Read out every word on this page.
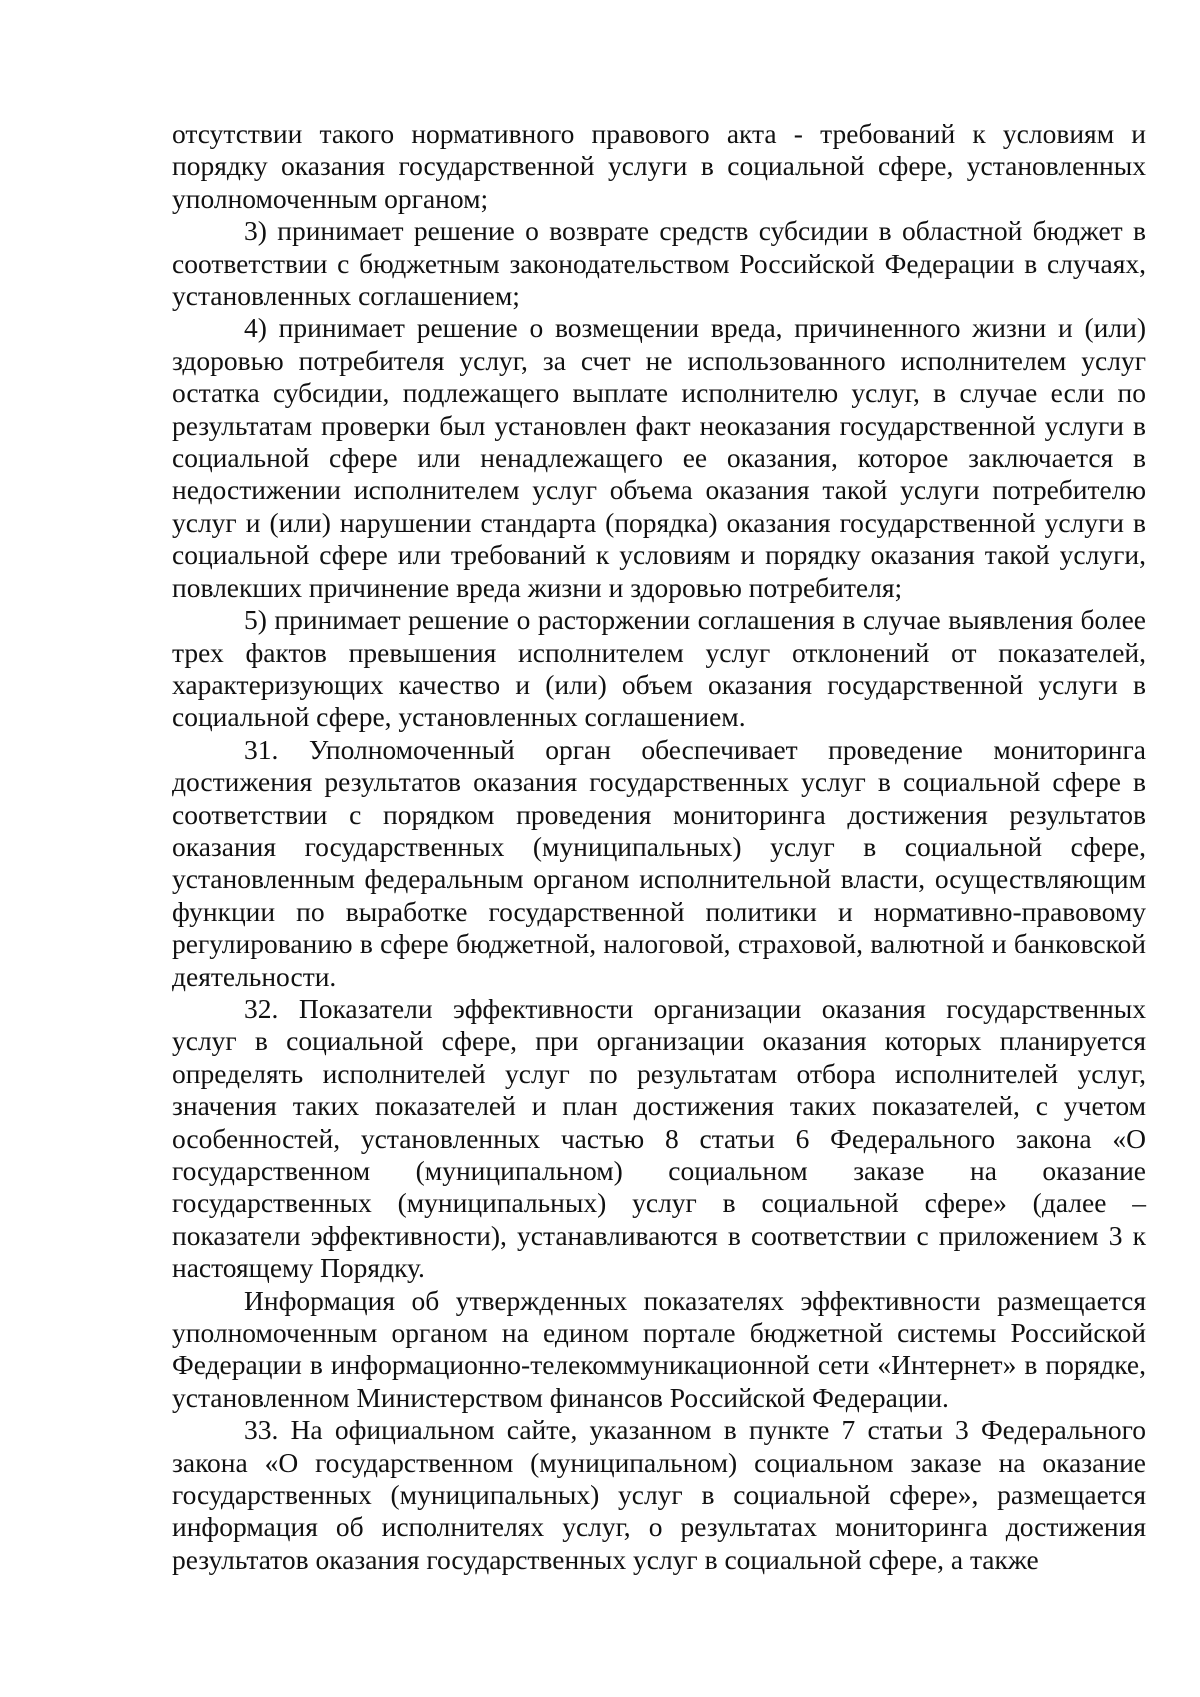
отсутствии такого нормативного правового акта - требований к условиям и порядку оказания государственной услуги в социальной сфере, установленных уполномоченным органом;

3) принимает решение о возврате средств субсидии в областной бюджет в соответствии с бюджетным законодательством Российской Федерации в случаях, установленных соглашением;

4) принимает решение о возмещении вреда, причиненного жизни и (или) здоровью потребителя услуг, за счет не использованного исполнителем услуг остатка субсидии, подлежащего выплате исполнителю услуг, в случае если по результатам проверки был установлен факт неоказания государственной услуги в социальной сфере или ненадлежащего ее оказания, которое заключается в недостижении исполнителем услуг объема оказания такой услуги потребителю услуг и (или) нарушении стандарта (порядка) оказания государственной услуги в социальной сфере или требований к условиям и порядку оказания такой услуги, повлекших причинение вреда жизни и здоровью потребителя;

5) принимает решение о расторжении соглашения в случае выявления более трех фактов превышения исполнителем услуг отклонений от показателей, характеризующих качество и (или) объем оказания государственной услуги в социальной сфере, установленных соглашением.

31. Уполномоченный орган обеспечивает проведение мониторинга достижения результатов оказания государственных услуг в социальной сфере в соответствии с порядком проведения мониторинга достижения результатов оказания государственных (муниципальных) услуг в социальной сфере, установленным федеральным органом исполнительной власти, осуществляющим функции по выработке государственной политики и нормативно-правовому регулированию в сфере бюджетной, налоговой, страховой, валютной и банковской деятельности.

32. Показатели эффективности организации оказания государственных услуг в социальной сфере, при организации оказания которых планируется определять исполнителей услуг по результатам отбора исполнителей услуг, значения таких показателей и план достижения таких показателей, с учетом особенностей, установленных частью 8 статьи 6 Федерального закона «О государственном (муниципальном) социальном заказе на оказание государственных (муниципальных) услуг в социальной сфере» (далее – показатели эффективности), устанавливаются в соответствии с приложением 3 к настоящему Порядку.

Информация об утвержденных показателях эффективности размещается уполномоченным органом на едином портале бюджетной системы Российской Федерации в информационно-телекоммуникационной сети «Интернет» в порядке, установленном Министерством финансов Российской Федерации.

33. На официальном сайте, указанном в пункте 7 статьи 3 Федерального закона «О государственном (муниципальном) социальном заказе на оказание государственных (муниципальных) услуг в социальной сфере», размещается информация об исполнителях услуг, о результатах мониторинга достижения результатов оказания государственных услуг в социальной сфере, а также
